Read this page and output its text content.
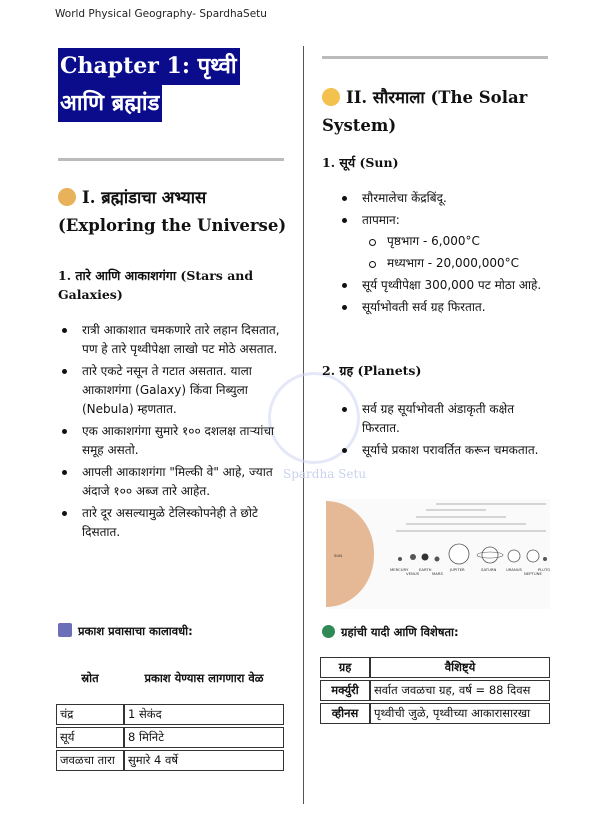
World Physical Geography- SpardhaSetu
Spardha Setu
Chapter 1: पृथ्वी
आणि ब्रह्मांड
I. ब्रह्मांडाचा अभ्यास
(Exploring the Universe)
1. तारे आणि आकाशगंगा (Stars and
Galaxies)
रात्री आकाशात चमकणारे तारे लहान दिसतात, पण हे तारे पृथ्वीपेक्षा लाखो पट मोठे असतात.
तारे एकटे नसून ते गटात असतात. याला आकाशगंगा (Galaxy) किंवा निब्युला (Nebula) म्हणतात.
एक आकाशगंगा सुमारे १०० दशलक्ष ताऱ्यांचा समूह असतो.
आपली आकाशगंगा "मिल्की वे" आहे, ज्यात अंदाजे १०० अब्ज तारे आहेत.
तारे दूर असल्यामुळे टेलिस्कोपनेही ते छोटे दिसतात.
प्रकाश प्रवासाचा कालावधी:
स्रोत	प्रकाश येण्यास लागणारा वेळ
चंद्र	1 सेकंद
सूर्य	8 मिनिटे
जवळचा तारा	सुमारे 4 वर्षे
II. सौरमाला (The Solar
System)
1. सूर्य (Sun)
सौरमालेचा केंद्रबिंदू.
तापमान:
पृष्ठभाग - 6,000°C
मध्यभाग - 20,000,000°C
सूर्य पृथ्वीपेक्षा 300,000 पट मोठा आहे.
सूर्याभोवती सर्व ग्रह फिरतात.
2. ग्रह (Planets)
सर्व ग्रह सूर्याभोवती अंडाकृती कक्षेत फिरतात.
सूर्याचे प्रकाश परावर्तित करून चमकतात.
SUN
MERCURY
VENUS
EARTH
MARS
JUPITER	SATURN	URANUS
NEPTUNE
PLUTO
ग्रहांची यादी आणि विशेषता:
ग्रह	वैशिष्ट्ये
मर्क्युरी	सर्वात जवळचा ग्रह, वर्ष = 88 दिवस
व्हीनस	पृथ्वीची जुळे, पृथ्वीच्या आकारासारखा
